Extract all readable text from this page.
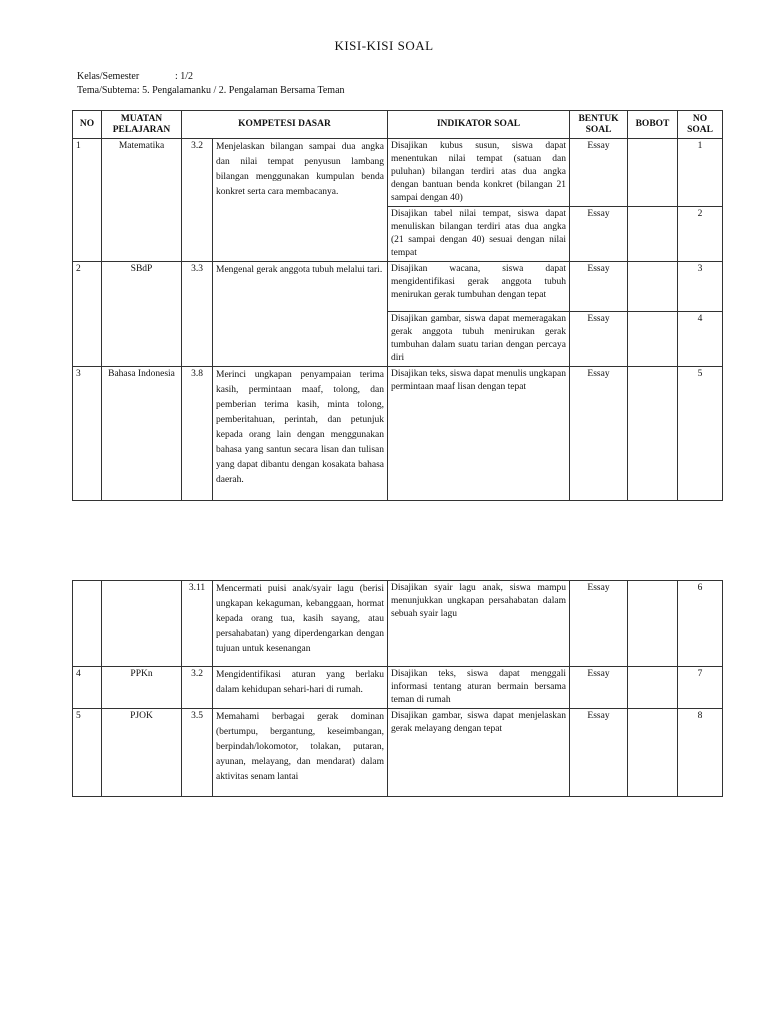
KISI-KISI SOAL
Kelas/Semester	: 1/2
Tema/Subtema: 5. Pengalamanku / 2. Pengalaman Bersama Teman
NO	MUATAN PELAJARAN	KOMPETESI DASAR		INDIKATOR SOAL	BENTUK SOAL	BOBOT	NO SOAL
1	Matematika	3.2	Menjelaskan bilangan sampai dua angka dan nilai tempat penyusun lambang bilangan menggunakan kumpulan benda konkret serta cara membacanya.	Disajikan kubus susun, siswa dapat menentukan nilai tempat (satuan dan puluhan) bilangan terdiri atas dua angka dengan bantuan benda konkret (bilangan 21 sampai dengan 40)	Essay		1
				Disajikan tabel nilai tempat, siswa dapat menuliskan bilangan terdiri atas dua angka (21 sampai dengan 40) sesuai dengan nilai tempat	Essay		2
2	SBdP	3.3	Mengenal gerak anggota tubuh melalui tari.	Disajikan wacana, siswa dapat mengidentifikasi gerak anggota tubuh menirukan gerak tumbuhan dengan tepat	Essay		3
				Disajikan gambar, siswa dapat memeragakan gerak anggota tubuh menirukan gerak tumbuhan dalam suatu tarian dengan percaya diri	Essay		4
3	Bahasa Indonesia	3.8	Merinci ungkapan penyampaian terima kasih, permintaan maaf, tolong, dan pemberian terima kasih, minta tolong, pemberitahuan, perintah, dan petunjuk kepada orang lain dengan menggunakan bahasa yang santun secara lisan dan tulisan yang dapat dibantu dengan kosakata bahasa daerah.	Disajikan teks, siswa dapat menulis ungkapan permintaan maaf lisan dengan tepat	Essay		5
		3.11	Mencermati puisi anak/syair lagu (berisi ungkapan kekaguman, kebanggaan, hormat kepada orang tua, kasih sayang, atau persahabatan) yang diperdengarkan dengan tujuan untuk kesenangan	Disajikan syair lagu anak, siswa mampu menunjukkan ungkapan persahabatan dalam sebuah syair lagu	Essay		6
4	PPKn	3.2	Mengidentifikasi aturan yang berlaku dalam kehidupan sehari-hari di rumah.	Disajikan teks, siswa dapat menggali informasi tentang aturan bermain bersama teman di rumah	Essay		7
5	PJOK	3.5	Memahami berbagai gerak dominan (bertumpu, bergantung, keseimbangan, berpindah/lokomotor, tolakan, putaran, ayunan, melayang, dan mendarat) dalam aktivitas senam lantai	Disajikan gambar, siswa dapat menjelaskan gerak melayang dengan tepat	Essay		8
